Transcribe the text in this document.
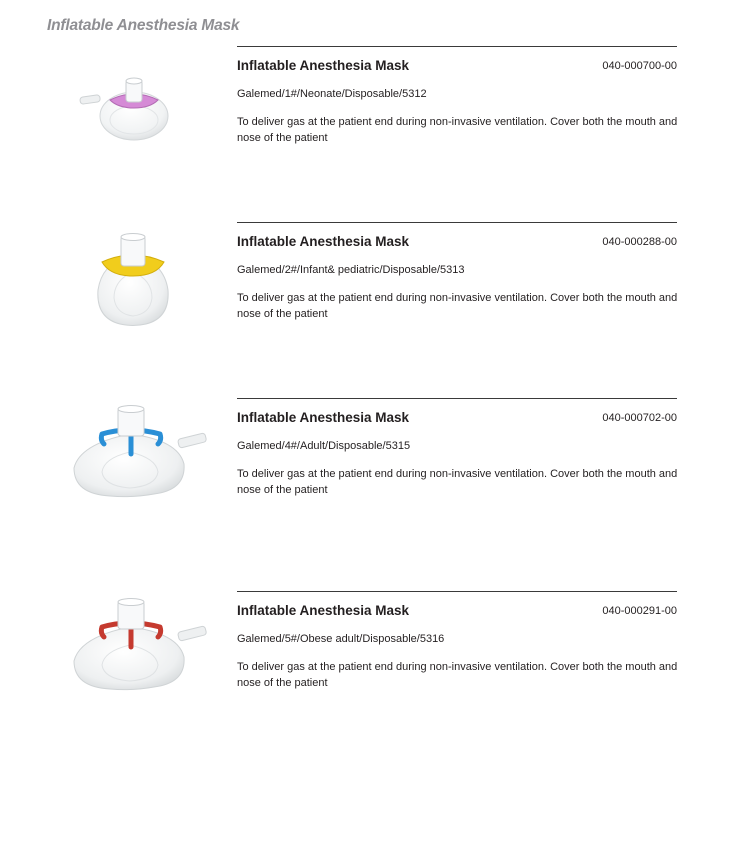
Inflatable Anesthesia Mask
Inflatable Anesthesia Mask	040-000700-00
Galemed/1#/Neonate/Disposable/5312
To deliver gas at the patient end during non-invasive ventilation. Cover both the mouth and nose of the patient
Inflatable Anesthesia Mask	040-000288-00
Galemed/2#/Infant& pediatric/Disposable/5313
To deliver gas at the patient end during non-invasive ventilation. Cover both the mouth and nose of the patient
Inflatable Anesthesia Mask	040-000702-00
Galemed/4#/Adult/Disposable/5315
To deliver gas at the patient end during non-invasive ventilation. Cover both the mouth and nose of the patient
Inflatable Anesthesia Mask	040-000291-00
Galemed/5#/Obese adult/Disposable/5316
To deliver gas at the patient end during non-invasive ventilation. Cover both the mouth and nose of the patient
